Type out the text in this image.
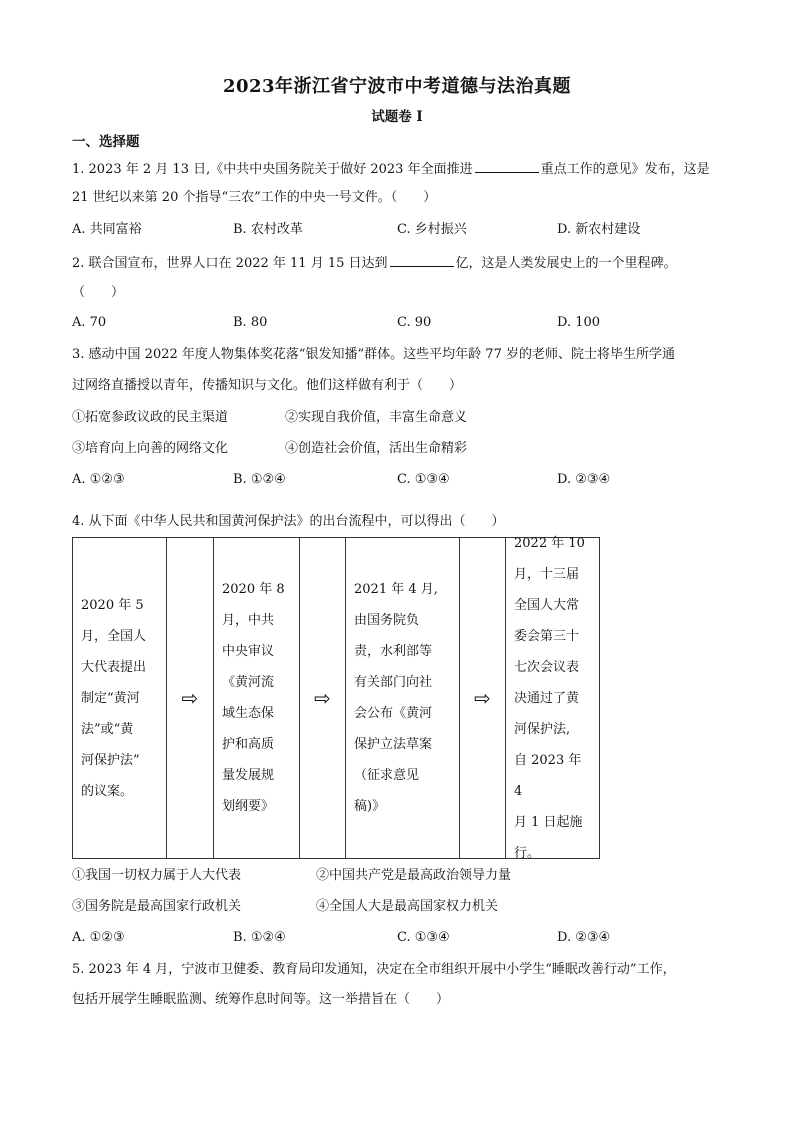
2023年浙江省宁波市中考道德与法治真题
试题卷 I
一、选择题
1. 2023 年 2 月 13 日,《中共中央国务院关于做好 2023 年全面推进	重点工作的意见》发布，这是
21 世纪以来第 20 个指导“三农”工作的中央一号文件。（　　）
A. 共同富裕	B. 农村改革	C. 乡村振兴	D. 新农村建设
2. 联合国宣布，世界人口在 2022 年 11 月 15 日达到	亿，这是人类发展史上的一个里程碑。
（　　）
A. 70	B. 80	C. 90	D. 100
3. 感动中国 2022 年度人物集体奖花落“银发知播”群体。这些平均年龄 77 岁的老师、院士将毕生所学通
过网络直播授以青年，传播知识与文化。他们这样做有利于（　　）
①拓宽参政议政的民主渠道	②实现自我价值，丰富生命意义
③培育向上向善的网络文化	④创造社会价值，活出生命精彩
A. ①②③	B. ①②④	C. ①③④	D. ②③④
4. 从下面《中华人民共和国黄河保护法》的出台流程中，可以得出（　　）
2020 年 5
月，全国人
大代表提出
制定“黄河
法”或“黄
河保护法”
的议案。
⇨
2020 年 8
月，中共
中央审议
《黄河流
域生态保
护和高质
量发展规
划纲要》
⇨
2021 年 4 月,
由国务院负
责，水利部等
有关部门向社
会公布《黄河
保护立法草案
（征求意见
稿)》
⇨
2022 年 10
月，十三届
全国人大常
委会第三十
七次会议表
决通过了黄
河保护法,
自 2023 年 4
月 1 日起施
行。
①我国一切权力属于人大代表	②中国共产党是最高政治领导力量
③国务院是最高国家行政机关	④全国人大是最高国家权力机关
A. ①②③	B. ①②④	C. ①③④	D. ②③④
5. 2023 年 4 月，宁波市卫健委、教育局印发通知，决定在全市组织开展中小学生“睡眠改善行动”工作，
包括开展学生睡眠监测、统筹作息时间等。这一举措旨在（　　）
